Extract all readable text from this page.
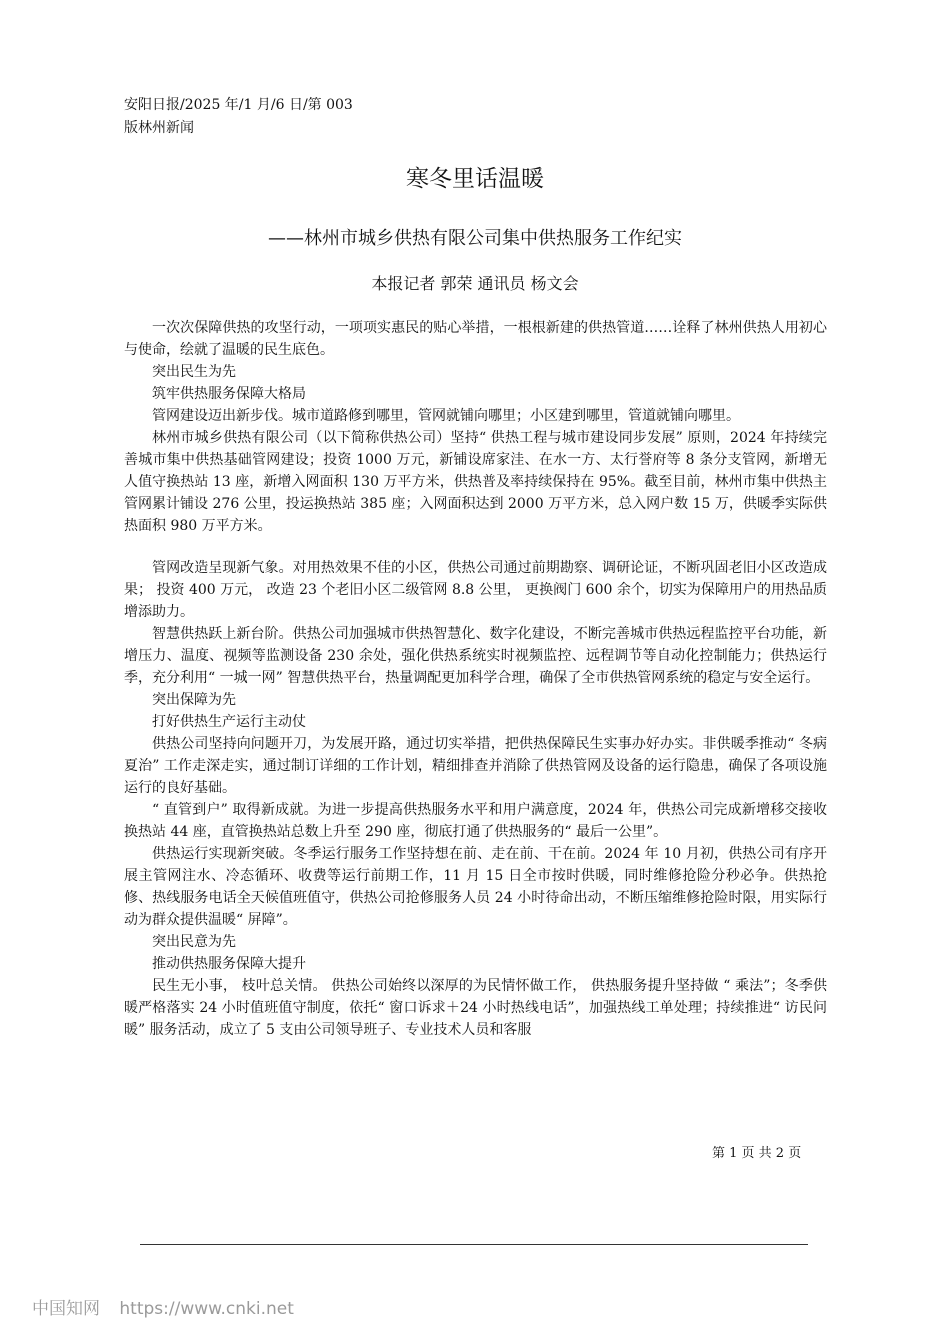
安阳日报/2025 年/1 月/6 日/第 003
版林州新闻
寒冬里话温暖
——林州市城乡供热有限公司集中供热服务工作纪实
本报记者 郭荣 通讯员 杨文会

一次次保障供热的攻坚行动，一项项实惠民的贴心举措，一根根新建的供热管道……诠释了林州供热人用初心与使命，绘就了温暖的民生底色。

突出民生为先

筑牢供热服务保障大格局

管网建设迈出新步伐。城市道路修到哪里，管网就铺向哪里；小区建到哪里，管道就铺向哪里。

林州市城乡供热有限公司（以下简称供热公司）坚持“ 供热工程与城市建设同步发展” 原则，2024 年持续完善城市集中供热基础管网建设；投资 1000 万元，新铺设席家洼、在水一方、太行誉府等 8 条分支管网，新增无人值守换热站 13 座，新增入网面积 130 万平方米，供热普及率持续保持在 95%。截至目前，林州市集中供热主管网累计铺设 276 公里，投运换热站 385 座；入网面积达到 2000 万平方米，总入网户数 15 万，供暖季实际供热面积 980 万平方米。

管网改造呈现新气象。对用热效果不佳的小区，供热公司通过前期勘察、调研论证，不断巩固老旧小区改造成果； 投资 400 万元， 改造 23 个老旧小区二级管网 8.8 公里， 更换阀门 600 余个，切实为保障用户的用热品质增添助力。

智慧供热跃上新台阶。供热公司加强城市供热智慧化、数字化建设，不断完善城市供热远程监控平台功能，新增压力、温度、视频等监测设备 230 余处，强化供热系统实时视频监控、远程调节等自动化控制能力；供热运行季，充分利用“ 一城一网” 智慧供热平台，热量调配更加科学合理，确保了全市供热管网系统的稳定与安全运行。

突出保障为先

打好供热生产运行主动仗

供热公司坚持向问题开刀，为发展开路，通过切实举措，把供热保障民生实事办好办实。非供暖季推动“ 冬病夏治” 工作走深走实，通过制订详细的工作计划，精细排查并消除了供热管网及设备的运行隐患，确保了各项设施运行的良好基础。

“ 直管到户” 取得新成就。为进一步提高供热服务水平和用户满意度，2024 年，供热公司完成新增移交接收换热站 44 座，直管换热站总数上升至 290 座，彻底打通了供热服务的“ 最后一公里”。

供热运行实现新突破。冬季运行服务工作坚持想在前、走在前、干在前。2024 年 10 月初，供热公司有序开展主管网注水、冷态循环、收费等运行前期工作，11 月 15 日全市按时供暖，同时维修抢险分秒必争。供热抢修、热线服务电话全天候值班值守，供热公司抢修服务人员 24 小时待命出动，不断压缩维修抢险时限，用实际行动为群众提供温暖“ 屏障”。

突出民意为先

推动供热服务保障大提升

民生无小事， 枝叶总关情。 供热公司始终以深厚的为民情怀做工作， 供热服务提升坚持做 “ 乘法”；冬季供暖严格落实 24 小时值班值守制度，依托“ 窗口诉求＋24 小时热线电话”，加强热线工单处理；持续推进“ 访民问暖” 服务活动，成立了 5 支由公司领导班子、专业技术人员和客服

第 1 页 共 2 页
中国知网 https://www.cnki.net
